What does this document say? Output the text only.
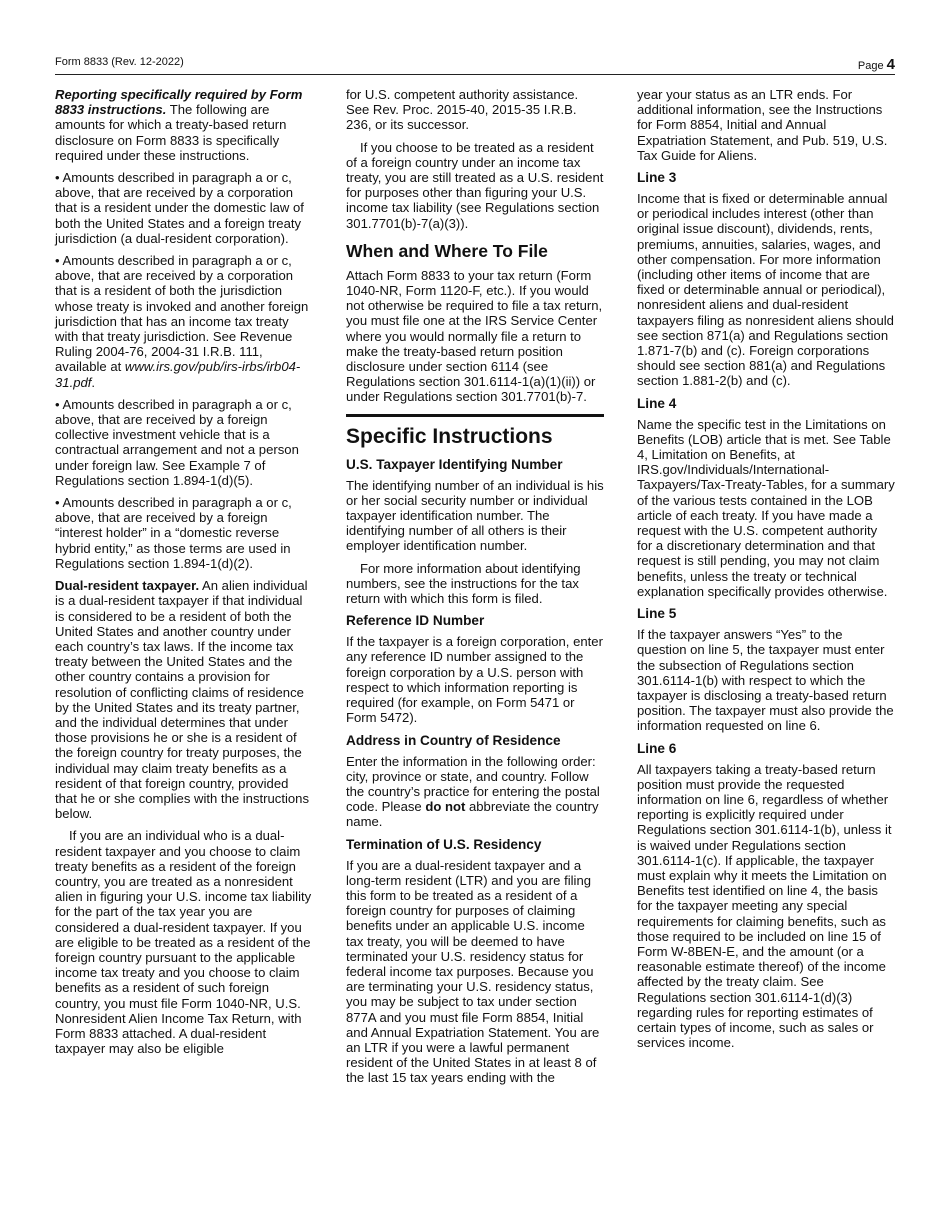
Form 8833 (Rev. 12-2022)	Page 4

Reporting specifically required by Form 8833 instructions. The following are amounts for which a treaty-based return disclosure on Form 8833 is specifically required under these instructions.

• Amounts described in paragraph a or c, above, that are received by a corporation that is a resident under the domestic law of both the United States and a foreign treaty jurisdiction (a dual-resident corporation).

• Amounts described in paragraph a or c, above, that are received by a corporation that is a resident of both the jurisdiction whose treaty is invoked and another foreign jurisdiction that has an income tax treaty with that treaty jurisdiction. See Revenue Ruling 2004-76, 2004-31 I.R.B. 111, available at www.irs.gov/pub/irs-irbs/irb04-31.pdf.

• Amounts described in paragraph a or c, above, that are received by a foreign collective investment vehicle that is a contractual arrangement and not a person under foreign law. See Example 7 of Regulations section 1.894-1(d)(5).

• Amounts described in paragraph a or c, above, that are received by a foreign “interest holder” in a “domestic reverse hybrid entity,” as those terms are used in Regulations section 1.894-1(d)(2).

Dual-resident taxpayer. An alien individual is a dual-resident taxpayer if that individual is considered to be a resident of both the United States and another country under each country’s tax laws. If the income tax treaty between the United States and the other country contains a provision for resolution of conflicting claims of residence by the United States and its treaty partner, and the individual determines that under those provisions he or she is a resident of the foreign country for treaty purposes, the individual may claim treaty benefits as a resident of that foreign country, provided that he or she complies with the instructions below.

If you are an individual who is a dual-resident taxpayer and you choose to claim treaty benefits as a resident of the foreign country, you are treated as a nonresident alien in figuring your U.S. income tax liability for the part of the tax year you are considered a dual-resident taxpayer. If you are eligible to be treated as a resident of the foreign country pursuant to the applicable income tax treaty and you choose to claim benefits as a resident of such foreign country, you must file Form 1040-NR, U.S. Nonresident Alien Income Tax Return, with Form 8833 attached. A dual-resident taxpayer may also be eligible

for U.S. competent authority assistance. See Rev. Proc. 2015-40, 2015-35 I.R.B. 236, or its successor.

If you choose to be treated as a resident of a foreign country under an income tax treaty, you are still treated as a U.S. resident for purposes other than figuring your U.S. income tax liability (see Regulations section 301.7701(b)-7(a)(3)).

When and Where To File

Attach Form 8833 to your tax return (Form 1040-NR, Form 1120-F, etc.). If you would not otherwise be required to file a tax return, you must file one at the IRS Service Center where you would normally file a return to make the treaty-based return position disclosure under section 6114 (see Regulations section 301.6114-1(a)(1)(ii)) or under Regulations section 301.7701(b)-7.

Specific Instructions
U.S. Taxpayer Identifying Number

The identifying number of an individual is his or her social security number or individual taxpayer identification number. The identifying number of all others is their employer identification number.

For more information about identifying numbers, see the instructions for the tax return with which this form is filed.

Reference ID Number

If the taxpayer is a foreign corporation, enter any reference ID number assigned to the foreign corporation by a U.S. person with respect to which information reporting is required (for example, on Form 5471 or Form 5472).

Address in Country of Residence

Enter the information in the following order: city, province or state, and country. Follow the country’s practice for entering the postal code. Please do not abbreviate the country name.

Termination of U.S. Residency

If you are a dual-resident taxpayer and a long-term resident (LTR) and you are filing this form to be treated as a resident of a foreign country for purposes of claiming benefits under an applicable U.S. income tax treaty, you will be deemed to have terminated your U.S. residency status for federal income tax purposes. Because you are terminating your U.S. residency status, you may be subject to tax under section 877A and you must file Form 8854, Initial and Annual Expatriation Statement. You are an LTR if you were a lawful permanent resident of the United States in at least 8 of the last 15 tax years ending with the

year your status as an LTR ends. For additional information, see the Instructions for Form 8854, Initial and Annual Expatriation Statement, and Pub. 519, U.S. Tax Guide for Aliens.

Line 3

Income that is fixed or determinable annual or periodical includes interest (other than original issue discount), dividends, rents, premiums, annuities, salaries, wages, and other compensation. For more information (including other items of income that are fixed or determinable annual or periodical), nonresident aliens and dual-resident taxpayers filing as nonresident aliens should see section 871(a) and Regulations section 1.871-7(b) and (c). Foreign corporations should see section 881(a) and Regulations section 1.881-2(b) and (c).

Line 4

Name the specific test in the Limitations on Benefits (LOB) article that is met. See Table 4, Limitation on Benefits, at IRS.gov/Individuals/International-Taxpayers/Tax-Treaty-Tables, for a summary of the various tests contained in the LOB article of each treaty. If you have made a request with the U.S. competent authority for a discretionary determination and that request is still pending, you may not claim benefits, unless the treaty or technical explanation specifically provides otherwise.

Line 5

If the taxpayer answers “Yes” to the question on line 5, the taxpayer must enter the subsection of Regulations section 301.6114-1(b) with respect to which the taxpayer is disclosing a treaty-based return position. The taxpayer must also provide the information requested on line 6.

Line 6

All taxpayers taking a treaty-based return position must provide the requested information on line 6, regardless of whether reporting is explicitly required under Regulations section 301.6114-1(b), unless it is waived under Regulations section 301.6114-1(c). If applicable, the taxpayer must explain why it meets the Limitation on Benefits test identified on line 4, the basis for the taxpayer meeting any special requirements for claiming benefits, such as those required to be included on line 15 of Form W-8BEN-E, and the amount (or a reasonable estimate thereof) of the income affected by the treaty claim. See Regulations section 301.6114-1(d)(3) regarding rules for reporting estimates of certain types of income, such as sales or services income.
